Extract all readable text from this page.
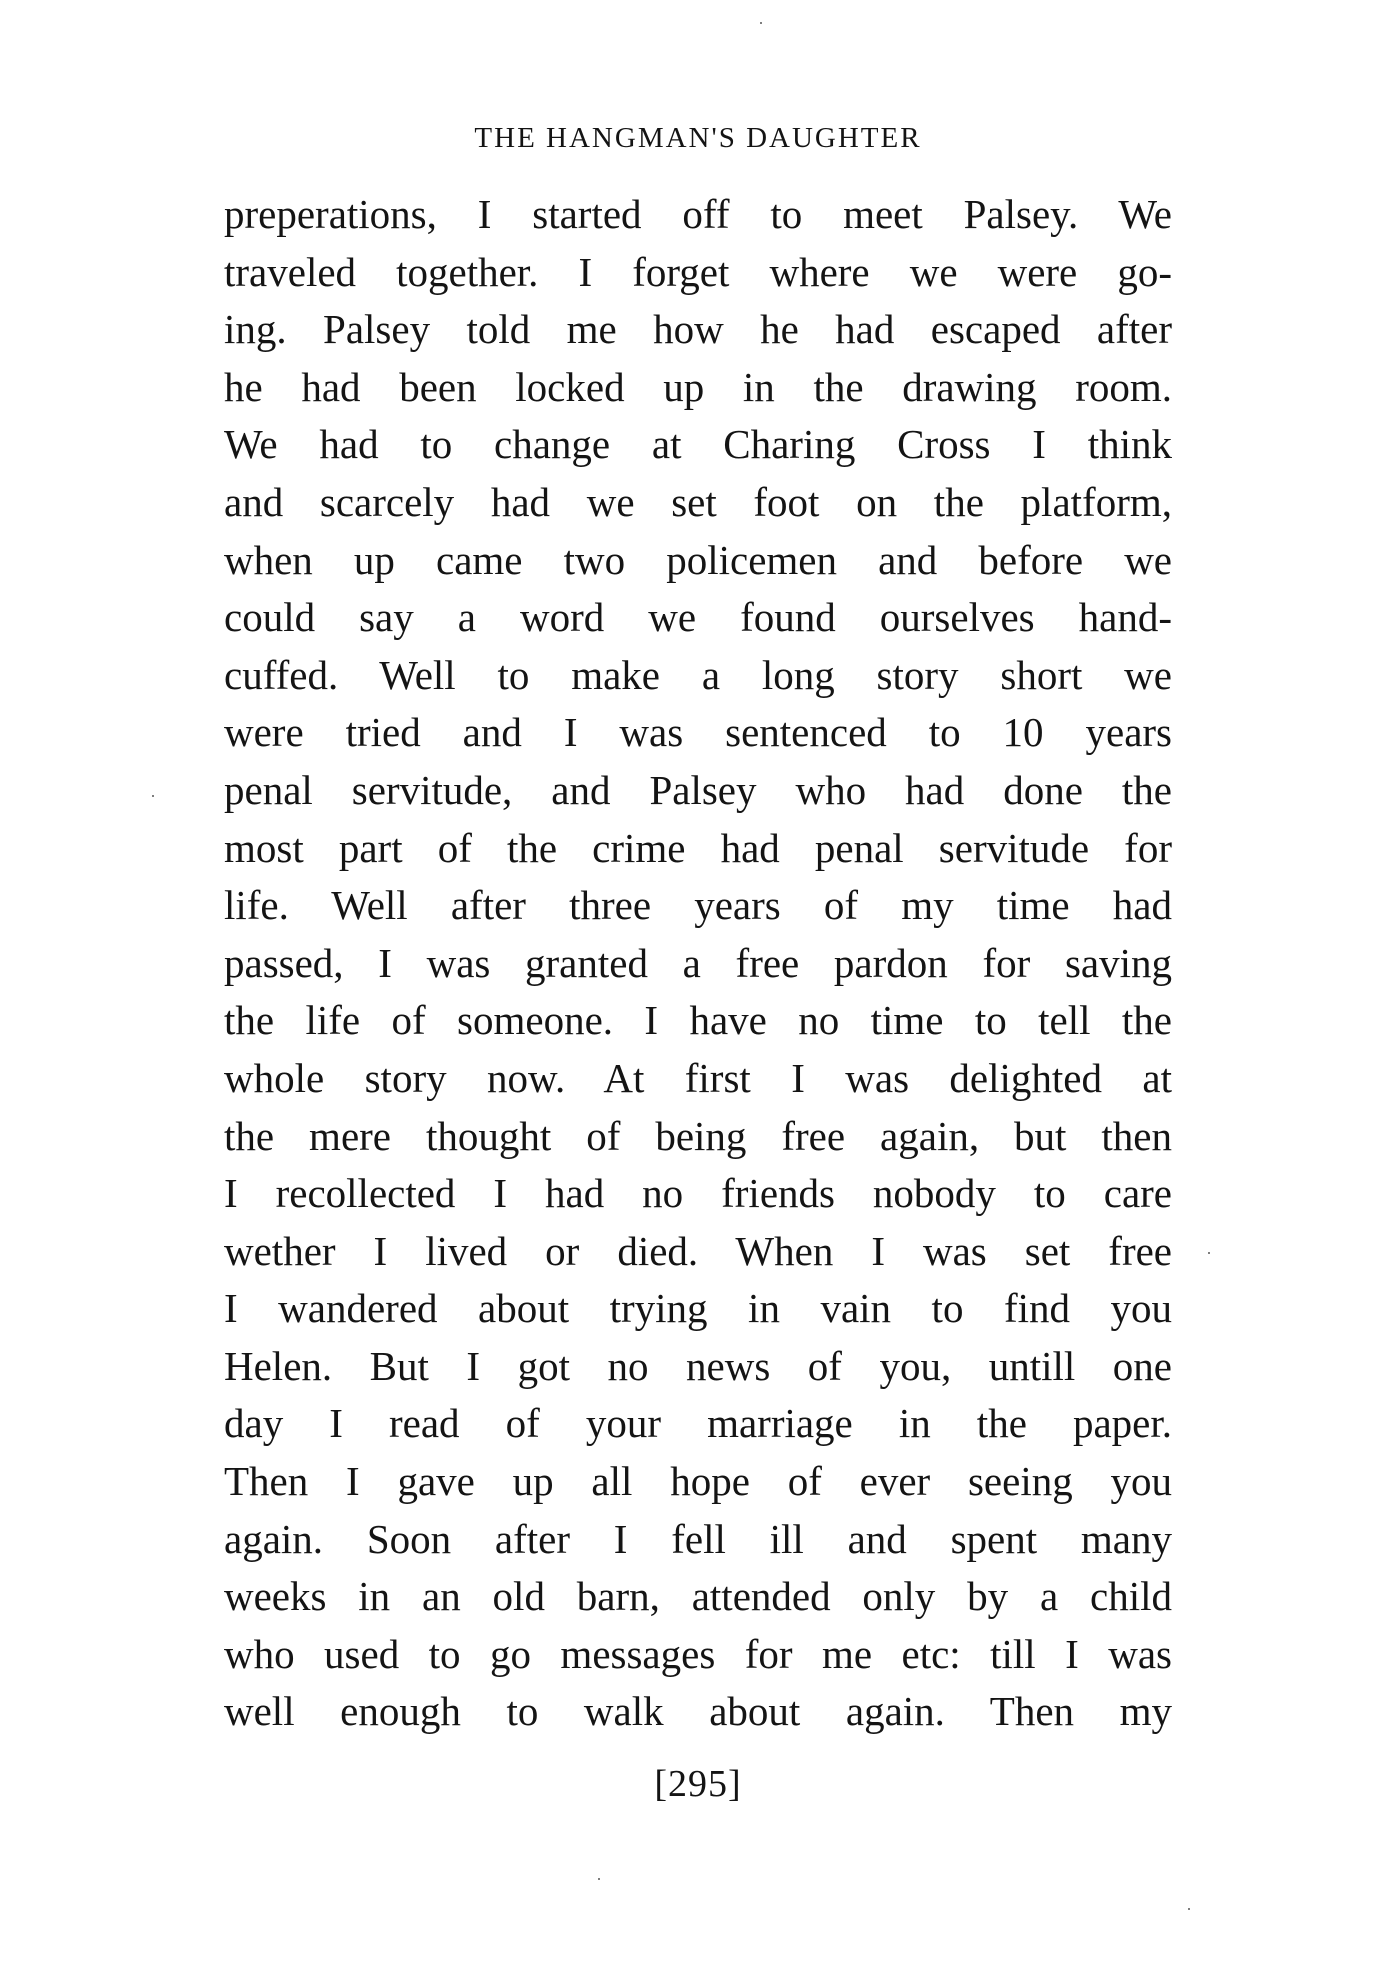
THE HANGMAN'S DAUGHTER
preperations, I started off to meet Palsey. We
traveled together. I forget where we were go-
ing. Palsey told me how he had escaped after
he had been locked up in the drawing room.
We had to change at Charing Cross I think
and scarcely had we set foot on the platform,
when up came two policemen and before we
could say a word we found ourselves hand-
cuffed. Well to make a long story short we
were tried and I was sentenced to 10 years
penal servitude, and Palsey who had done the
most part of the crime had penal servitude for
life. Well after three years of my time had
passed, I was granted a free pardon for saving
the life of someone. I have no time to tell the
whole story now. At first I was delighted at
the mere thought of being free again, but then
I recollected I had no friends nobody to care
wether I lived or died. When I was set free
I wandered about trying in vain to find you
Helen. But I got no news of you, untill one
day I read of your marriage in the paper.
Then I gave up all hope of ever seeing you
again. Soon after I fell ill and spent many
weeks in an old barn, attended only by a child
who used to go messages for me etc: till I was
well enough to walk about again. Then my
[295]
